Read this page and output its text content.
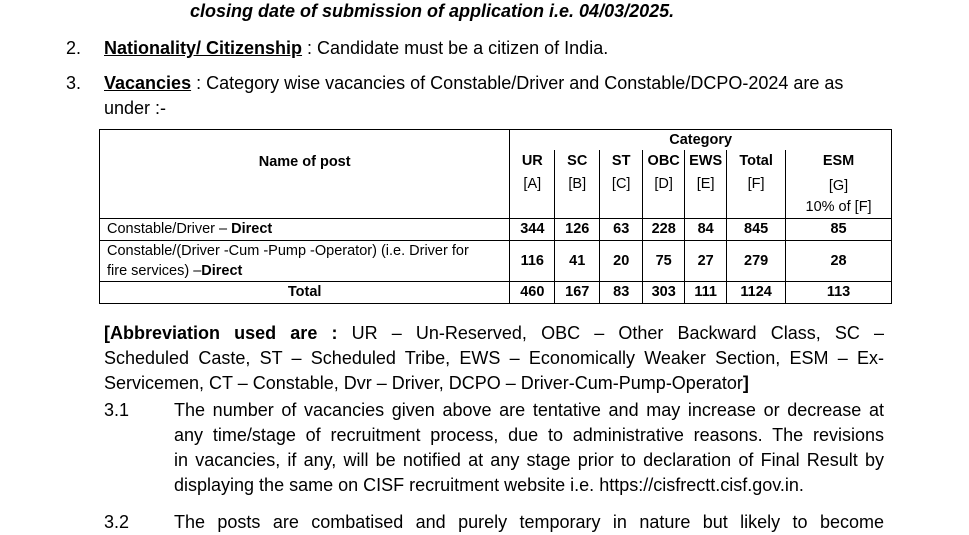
closing date of submission of application i.e. 04/03/2025.
2. Nationality/ Citizenship : Candidate must be a citizen of India.
3. Vacancies : Category wise vacancies of Constable/Driver and Constable/DCPO-2024 are as
under :-
Name of post	Category						
	UR	SC	ST	OBC	EWS	Total	ESM
	[A]	[B]	[C]	[D]	[E]	[F]	[G]
10% of [F]
Constable/Driver – Direct	344	126	63	228	84	845	85
Constable/(Driver -Cum -Pump -Operator) (i.e. Driver for
fire services) –Direct	116	41	20	75	27	279	28
Total	460	167	83	303	111	1124	113
[Abbreviation used are : UR – Un-Reserved, OBC – Other Backward Class, SC –
Scheduled Caste, ST – Scheduled Tribe, EWS – Economically Weaker Section, ESM – Ex-
Servicemen, CT – Constable, Dvr – Driver, DCPO – Driver-Cum-Pump-Operator]
3.1 The number of vacancies given above are tentative and may increase or decrease at
any time/stage of recruitment process, due to administrative reasons. The revisions
in vacancies, if any, will be notified at any stage prior to declaration of Final Result by
displaying the same on CISF recruitment website i.e. https://cisfrectt.cisf.gov.in.
3.2 The posts are combatised and purely temporary in nature but likely to become
